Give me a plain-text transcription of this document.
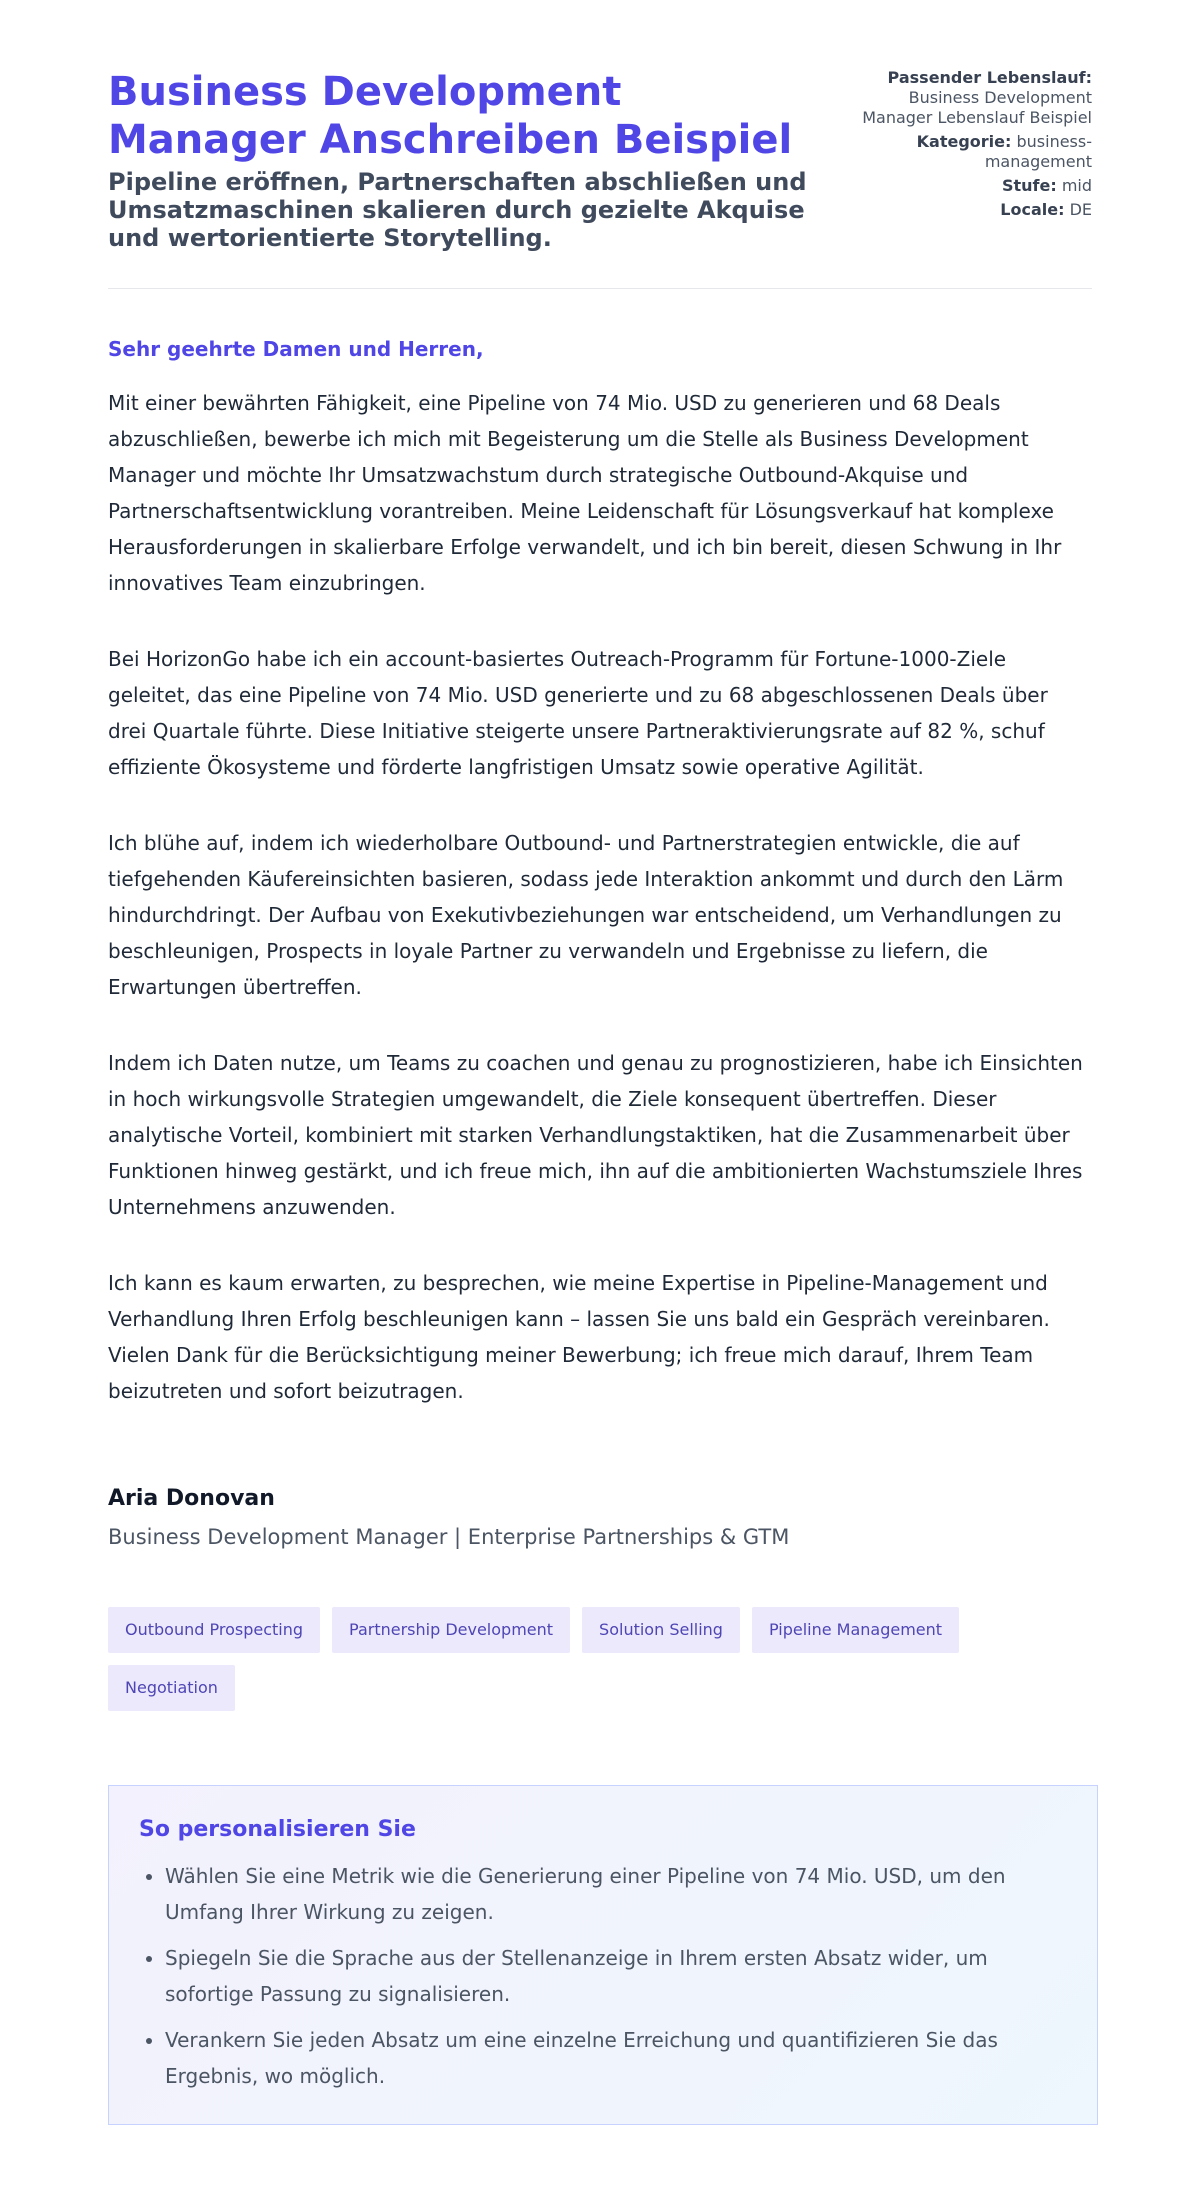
Business Development Manager Anschreiben Beispiel

Pipeline eröffnen, Partnerschaften abschließen und Umsatzmaschinen skalieren durch gezielte Akquise und wertorientierte Storytelling.

Passender Lebenslauf: Business Development Manager Lebenslauf Beispiel
Kategorie: business-management
Stufe: mid
Locale: DE

Sehr geehrte Damen und Herren,

Mit einer bewährten Fähigkeit, eine Pipeline von 74 Mio. USD zu generieren und 68 Deals abzuschließen, bewerbe ich mich mit Begeisterung um die Stelle als Business Development Manager und möchte Ihr Umsatzwachstum durch strategische Outbound-Akquise und Partnerschaftsentwicklung vorantreiben. Meine Leidenschaft für Lösungsverkauf hat komplexe Herausforderungen in skalierbare Erfolge verwandelt, und ich bin bereit, diesen Schwung in Ihr innovatives Team einzubringen.

Bei HorizonGo habe ich ein account-basiertes Outreach-Programm für Fortune-1000-Ziele geleitet, das eine Pipeline von 74 Mio. USD generierte und zu 68 abgeschlossenen Deals über drei Quartale führte. Diese Initiative steigerte unsere Partneraktivierungsrate auf 82 %, schuf effiziente Ökosysteme und förderte langfristigen Umsatz sowie operative Agilität.

Ich blühe auf, indem ich wiederholbare Outbound- und Partnerstrategien entwickle, die auf tiefgehenden Käufereinsichten basieren, sodass jede Interaktion ankommt und durch den Lärm hindurchdringt. Der Aufbau von Exekutivbeziehungen war entscheidend, um Verhandlungen zu beschleunigen, Prospects in loyale Partner zu verwandeln und Ergebnisse zu liefern, die Erwartungen übertreffen.

Indem ich Daten nutze, um Teams zu coachen und genau zu prognostizieren, habe ich Einsichten in hoch wirkungsvolle Strategien umgewandelt, die Ziele konsequent übertreffen. Dieser analytische Vorteil, kombiniert mit starken Verhandlungstaktiken, hat die Zusammenarbeit über Funktionen hinweg gestärkt, und ich freue mich, ihn auf die ambitionierten Wachstumsziele Ihres Unternehmens anzuwenden.

Ich kann es kaum erwarten, zu besprechen, wie meine Expertise in Pipeline-Management und Verhandlung Ihren Erfolg beschleunigen kann – lassen Sie uns bald ein Gespräch vereinbaren. Vielen Dank für die Berücksichtigung meiner Bewerbung; ich freue mich darauf, Ihrem Team beizutreten und sofort beizutragen.

Aria Donovan

Business Development Manager | Enterprise Partnerships & GTM

Outbound Prospecting	Partnership Development	Solution Selling	Pipeline Management
Negotiation
So personalisieren Sie
• Wählen Sie eine Metrik wie die Generierung einer Pipeline von 74 Mio. USD, um den Umfang Ihrer Wirkung zu zeigen.
• Spiegeln Sie die Sprache aus der Stellenanzeige in Ihrem ersten Absatz wider, um sofortige Passung zu signalisieren.
• Verankern Sie jeden Absatz um eine einzelne Erreichung und quantifizieren Sie das Ergebnis, wo möglich.
